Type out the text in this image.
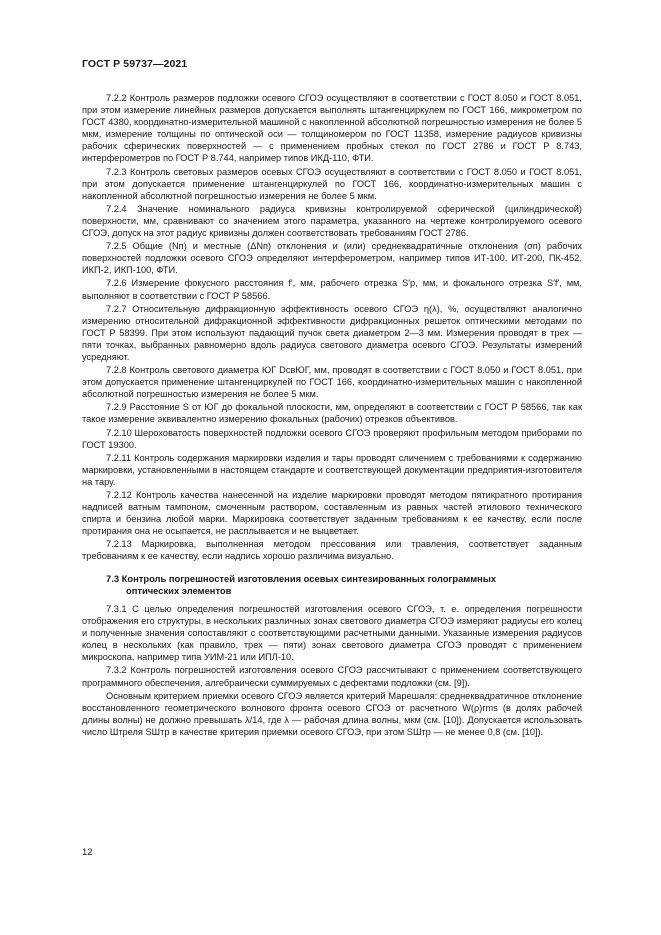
ГОСТ Р 59737—2021

7.2.2 Контроль размеров подложки осевого СГОЭ осуществляют в соответствии с ГОСТ 8.050 и ГОСТ 8.051, при этом измерение линейных размеров допускается выполнять штангенциркулем по ГОСТ 166, микрометром по ГОСТ 4380, координатно-измерительной машиной с накопленной абсолютной погрешностью измерения не более 5 мкм, измерение толщины по оптической оси — толщиномером по ГОСТ 11358, измерение радиусов кривизны рабочих сферических поверхностей — с применением пробных стекол по ГОСТ 2786 и ГОСТ Р 8.743, интерферометров по ГОСТ Р 8.744, например типов ИКД-110, ФТИ.

7.2.3 Контроль световых размеров осевых СГОЭ осуществляют в соответствии с ГОСТ 8.050 и ГОСТ 8.051, при этом допускается применение штангенциркулей по ГОСТ 166, координатно-измерительных машин с накопленной абсолютной погрешностью измерения не более 5 мкм.

7.2.4 Значение номинального радиуса кривизны контролируемой сферической (цилиндрической) поверхности, мм, сравнивают со значением этого параметра, указанного на чертеже контролируемого осевого СГОЭ, допуск на этот радиус кривизны должен соответствовать требованиям ГОСТ 2786.

7.2.5 Общие (Nп) и местные (ΔNп) отклонения и (или) среднеквадратичные отклонения (σп) рабочих поверхностей подложки осевого СГОЭ определяют интерферометром, например типов ИТ-100, ИТ-200, ПК-452, ИКП-2, ИКП-100, ФТИ.

7.2.6 Измерение фокусного расстояния f′, мм, рабочего отрезка S′p, мм, и фокального отрезка S′f′, мм, выполняют в соответствии с ГОСТ Р 58566.

7.2.7 Относительную дифракционную эффективность осевого СГОЭ η(λ), %, осуществляют аналогично измерению относительной дифракционной эффективности дифракционных решеток оптическими методами по ГОСТ Р 58399. При этом используют падающий пучок света диаметром 2—3 мм. Измерения проводят в трех — пяти точках, выбранных равномерно вдоль радиуса светового диаметра осевого СГОЭ. Результаты измерений усредняют.

7.2.8 Контроль светового диаметра ЮГ DсвЮГ, мм, проводят в соответствии с ГОСТ 8.050 и ГОСТ 8.051, при этом допускается применение штангенциркулей по ГОСТ 166, координатно-измерительных машин с накопленной абсолютной погрешностью измерения не более 5 мкм.

7.2.9 Расстояние S от ЮГ до фокальной плоскости, мм, определяют в соответствии с ГОСТ Р 58566, так как такое измерение эквивалентно измерению фокальных (рабочих) отрезков объективов.

7.2.10 Шероховатость поверхностей подложки осевого СГОЭ проверяют профильным методом приборами по ГОСТ 19300.

7.2.11 Контроль содержания маркировки изделия и тары проводят сличением с требованиями к содержанию маркировки, установленными в настоящем стандарте и соответствующей документации предприятия-изготовителя на тару.

7.2.12 Контроль качества нанесенной на изделие маркировки проводят методом пятикратного протирания надписей ватным тампоном, смоченным раствором, составленным из равных частей этилового технического спирта и бензина любой марки. Маркировка соответствует заданным требованиям к ее качеству, если после протирания она не осыпается, не расплывается и не выцветает.

7.2.13 Маркировка, выполненная методом прессования или травления, соответствует заданным требованиям к ее качеству, если надпись хорошо различима визуально.

7.3 Контроль погрешностей изготовления осевых синтезированных голограммных
оптических элементов

7.3.1 С целью определения погрешностей изготовления осевого СГОЭ, т. е. определения погрешности отображения его структуры, в нескольких различных зонах светового диаметра СГОЭ измеряют радиусы его колец и полученные значения сопоставляют с соответствующими расчетными данными. Указанные измерения радиусов колец в нескольких (как правило, трех — пяти) зонах светового диаметра СГОЭ проводят с применением микроскопа, например типа УИМ-21 или ИПЛ-10.

7.3.2 Контроль погрешностей изготовления осевого СГОЭ рассчитывают с применением соответствующего программного обеспечения, алгебраически суммируемых с дефектами подложки (см. [9]).

Основным критерием приемки осевого СГОЭ является критерий Марешаля: среднеквадратичное отклонение восстановленного геометрического волнового фронта осевого СГОЭ от расчетного W(ρ)rms (в долях рабочей длины волны) не должно превышать λ/14, где λ — рабочая длина волны, мкм (см. [10]). Допускается использовать число Штреля SШтр в качестве критерия приемки осевого СГОЭ, при этом SШтр — не менее 0,8 (см. [10]).

12
